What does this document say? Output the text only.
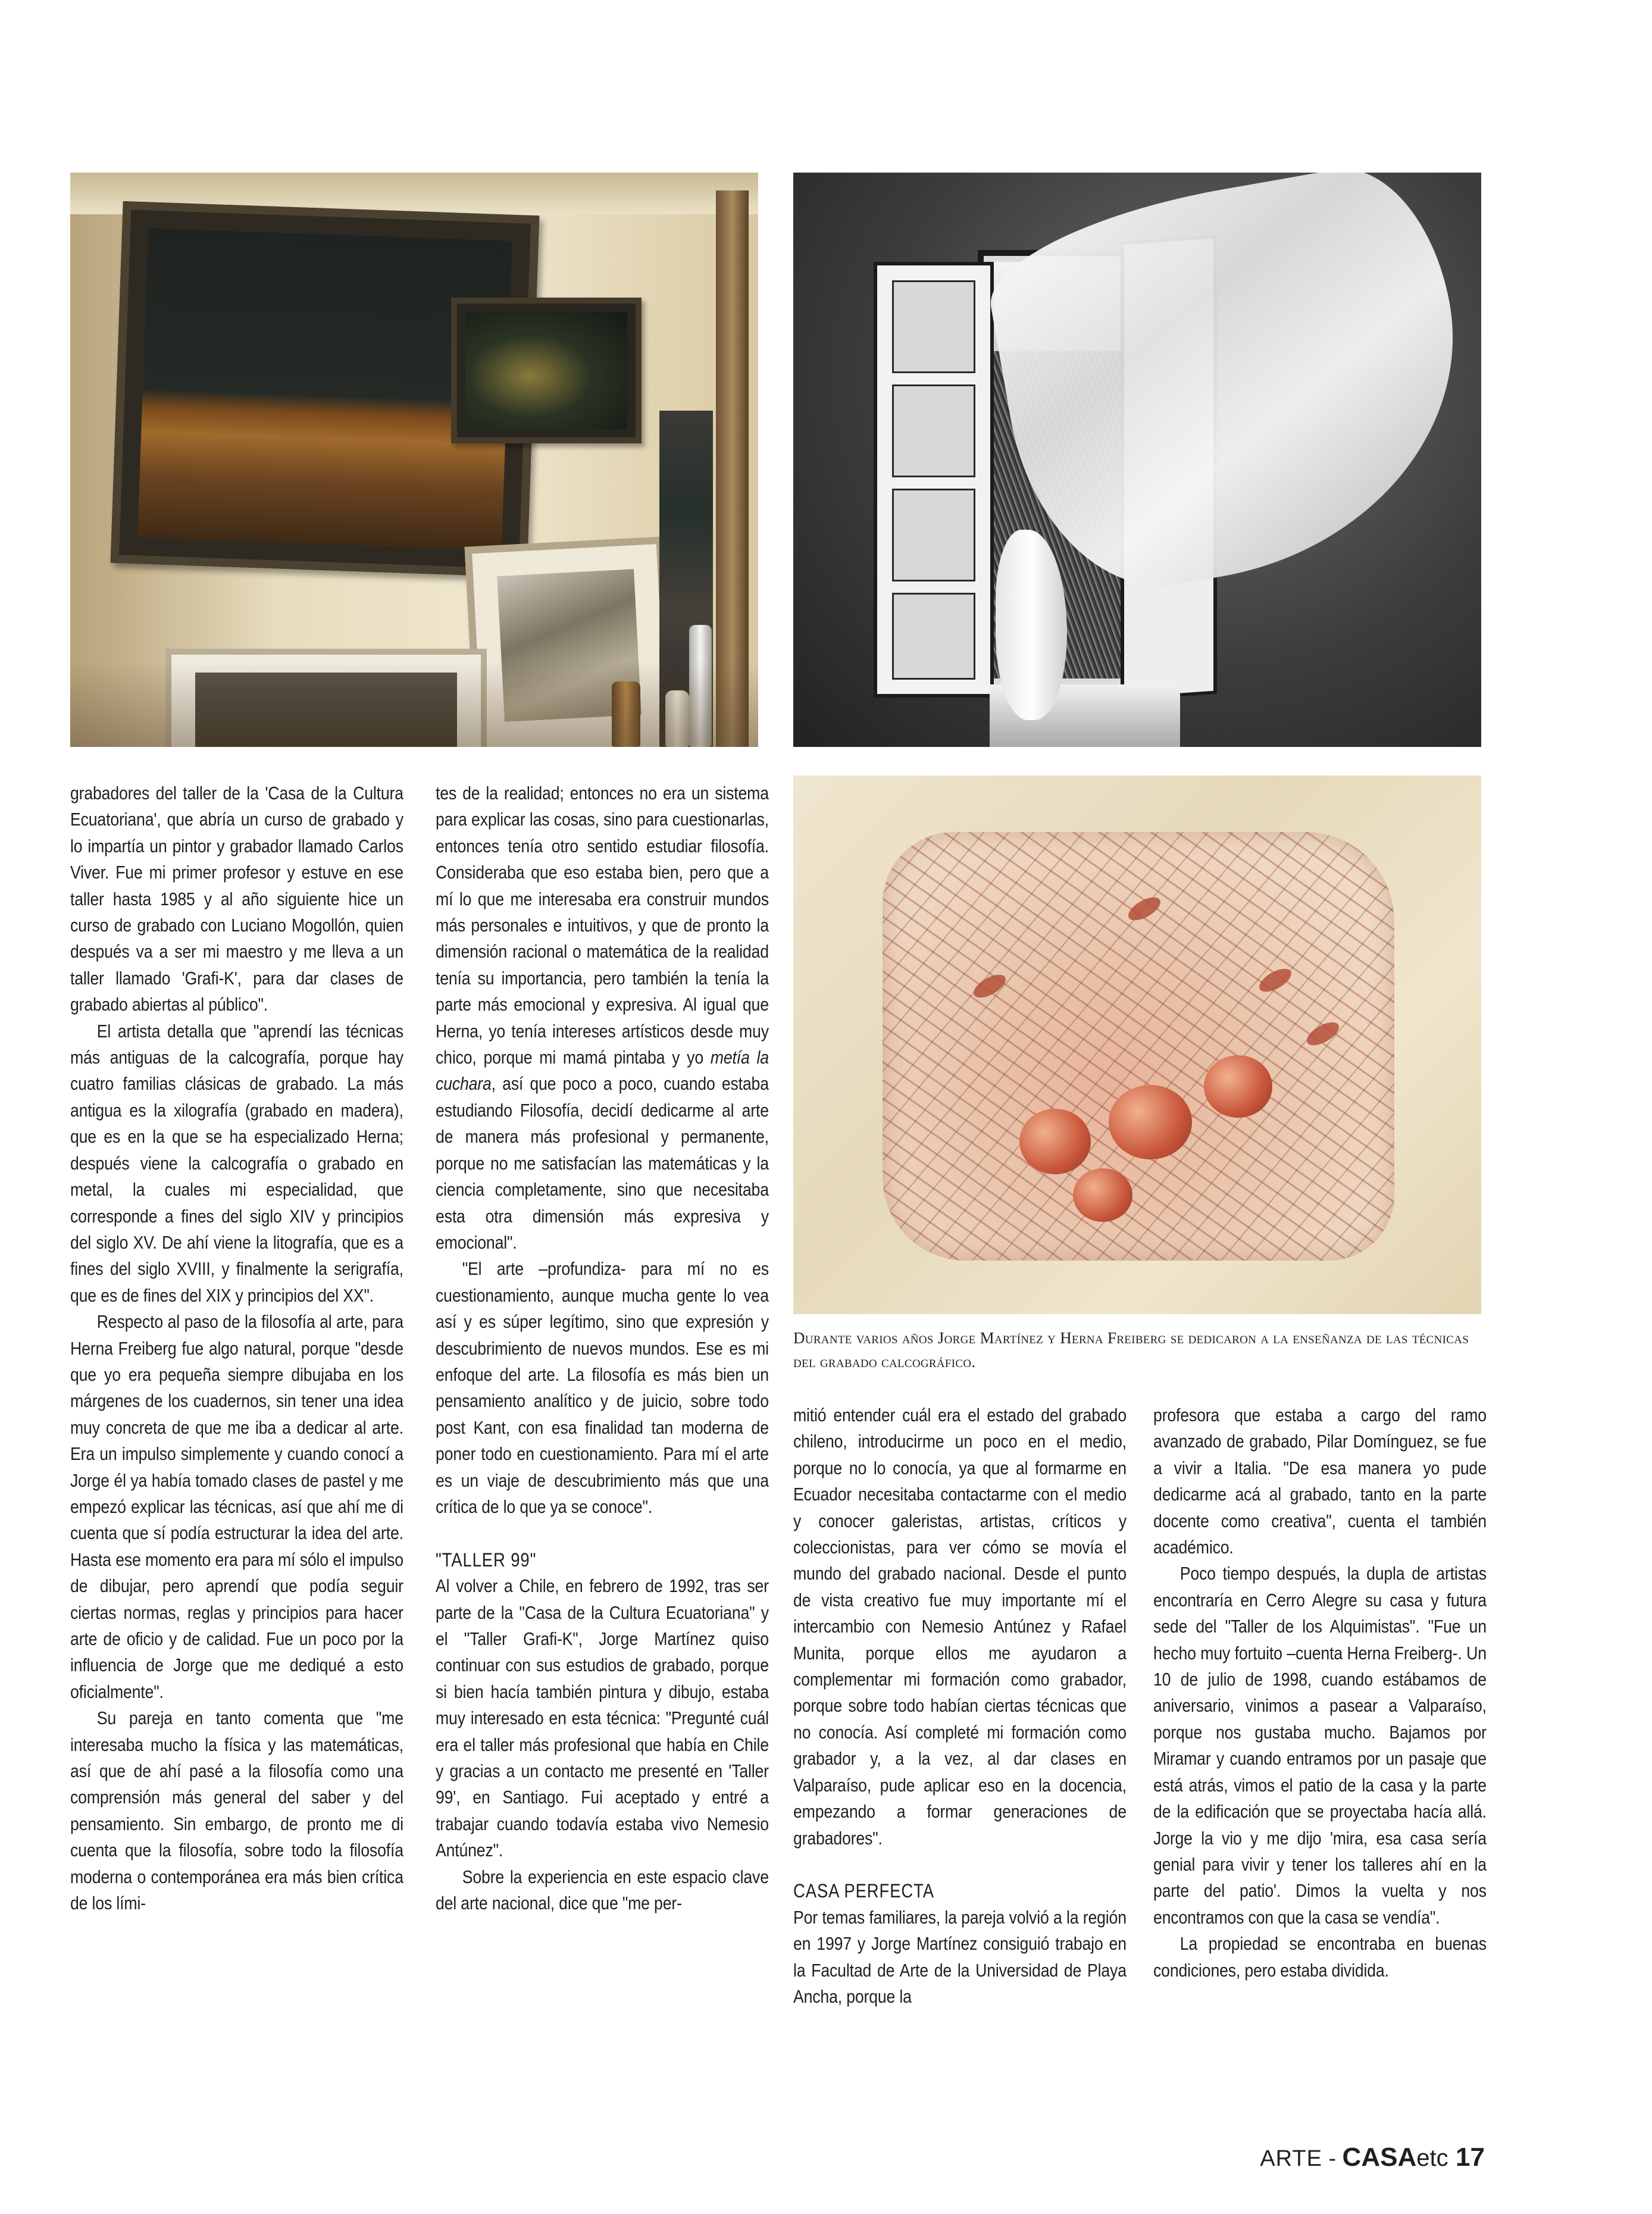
grabadores del taller de la 'Casa de la Cultura Ecuatoriana', que abría un curso de grabado y lo impartía un pintor y grabador llamado Carlos Viver. Fue mi primer profesor y estuve en ese taller hasta 1985 y al año siguiente hice un curso de grabado con Luciano Mogollón, quien después va a ser mi maestro y me lleva a un taller llamado 'Grafi-K', para dar clases de grabado abiertas al público".

El artista detalla que "aprendí las técnicas más antiguas de la calcografía, porque hay cuatro familias clásicas de grabado. La más antigua es la xilografía (grabado en madera), que es en la que se ha especializado Herna; después viene la calcografía o grabado en metal, la cuales mi especialidad, que corresponde a fines del siglo XIV y principios del siglo XV. De ahí viene la litografía, que es a fines del siglo XVIII, y finalmente la serigrafía, que es de fines del XIX y principios del XX".

Respecto al paso de la filosofía al arte, para Herna Freiberg fue algo natural, porque "desde que yo era pequeña siempre dibujaba en los márgenes de los cuadernos, sin tener una idea muy concreta de que me iba a dedicar al arte. Era un impulso simplemente y cuando conocí a Jorge él ya había tomado clases de pastel y me empezó explicar las técnicas, así que ahí me di cuenta que sí podía estructurar la idea del arte. Hasta ese momento era para mí sólo el impulso de dibujar, pero aprendí que podía seguir ciertas normas, reglas y principios para hacer arte de oficio y de calidad. Fue un poco por la influencia de Jorge que me dediqué a esto oficialmente".

Su pareja en tanto comenta que "me interesaba mucho la física y las matemáticas, así que de ahí pasé a la filosofía como una comprensión más general del saber y del pensamiento. Sin embargo, de pronto me di cuenta que la filosofía, sobre todo la filosofía moderna o contemporánea era más bien crítica de los lími-

tes de la realidad; entonces no era un sistema para explicar las cosas, sino para cuestionarlas, entonces tenía otro sentido estudiar filosofía. Consideraba que eso estaba bien, pero que a mí lo que me interesaba era construir mundos más personales e intuitivos, y que de pronto la dimensión racional o matemática de la realidad tenía su importancia, pero también la tenía la parte más emocional y expresiva. Al igual que Herna, yo tenía intereses artísticos desde muy chico, porque mi mamá pintaba y yo metía la cuchara, así que poco a poco, cuando estaba estudiando Filosofía, decidí dedicarme al arte de manera más profesional y permanente, porque no me satisfacían las matemáticas y la ciencia completamente, sino que necesitaba esta otra dimensión más expresiva y emocional".

"El arte –profundiza- para mí no es cuestionamiento, aunque mucha gente lo vea así y es súper legítimo, sino que expresión y descubrimiento de nuevos mundos. Ese es mi enfoque del arte. La filosofía es más bien un pensamiento analítico y de juicio, sobre todo post Kant, con esa finalidad tan moderna de poner todo en cuestionamiento. Para mí el arte es un viaje de descubrimiento más que una crítica de lo que ya se conoce".

"TALLER 99"

Al volver a Chile, en febrero de 1992, tras ser parte de la "Casa de la Cultura Ecuatoriana" y el "Taller Grafi-K", Jorge Martínez quiso continuar con sus estudios de grabado, porque si bien hacía también pintura y dibujo, estaba muy interesado en esta técnica: "Pregunté cuál era el taller más profesional que había en Chile y gracias a un contacto me presenté en 'Taller 99', en Santiago. Fui aceptado y entré a trabajar cuando todavía estaba vivo Nemesio Antúnez".

Sobre la experiencia en este espacio clave del arte nacional, dice que "me per-

Durante varios años Jorge Martínez y Herna Freiberg se dedicaron a la enseñanza de las técnicas del grabado calcográfico.

mitió entender cuál era el estado del grabado chileno, introducirme un poco en el medio, porque no lo conocía, ya que al formarme en Ecuador necesitaba contactarme con el medio y conocer galeristas, artistas, críticos y coleccionistas, para ver cómo se movía el mundo del grabado nacional. Desde el punto de vista creativo fue muy importante mí el intercambio con Nemesio Antúnez y Rafael Munita, porque ellos me ayudaron a complementar mi formación como grabador, porque sobre todo habían ciertas técnicas que no conocía. Así completé mi formación como grabador y, a la vez, al dar clases en Valparaíso, pude aplicar eso en la docencia, empezando a formar generaciones de grabadores".

CASA PERFECTA

Por temas familiares, la pareja volvió a la región en 1997 y Jorge Martínez consiguió trabajo en la Facultad de Arte de la Universidad de Playa Ancha, porque la

profesora que estaba a cargo del ramo avanzado de grabado, Pilar Domínguez, se fue a vivir a Italia. "De esa manera yo pude dedicarme acá al grabado, tanto en la parte docente como creativa", cuenta el también académico.

Poco tiempo después, la dupla de artistas encontraría en Cerro Alegre su casa y futura sede del "Taller de los Alquimistas". "Fue un hecho muy fortuito –cuenta Herna Freiberg-. Un 10 de julio de 1998, cuando estábamos de aniversario, vinimos a pasear a Valparaíso, porque nos gustaba mucho. Bajamos por Miramar y cuando entramos por un pasaje que está atrás, vimos el patio de la casa y la parte de la edificación que se proyectaba hacía allá. Jorge la vio y me dijo 'mira, esa casa sería genial para vivir y tener los talleres ahí en la parte del patio'. Dimos la vuelta y nos encontramos con que la casa se vendía".

La propiedad se encontraba en buenas condiciones, pero estaba dividida.

ARTE - CASAetc 17
